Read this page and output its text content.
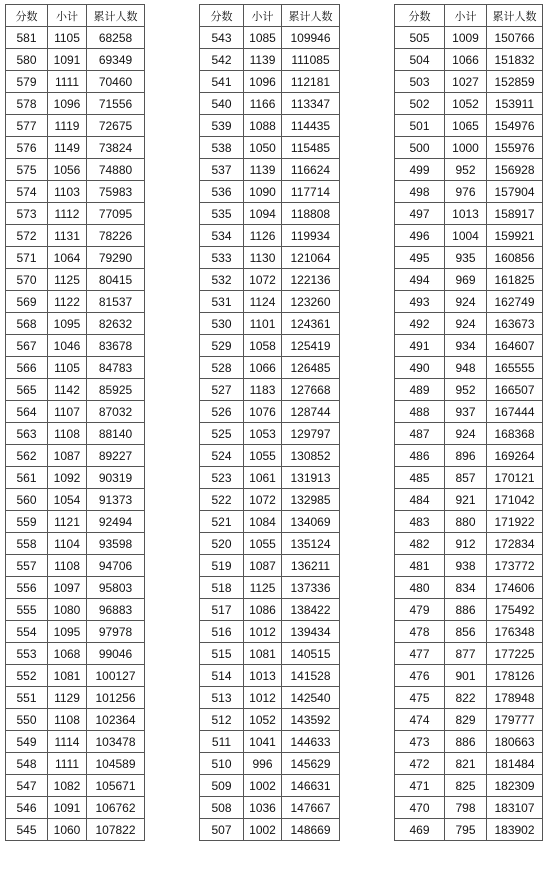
分数	小计	累计人数
581	1105	68258
580	1091	69349
579	1111	70460
578	1096	71556
577	1119	72675
576	1149	73824
575	1056	74880
574	1103	75983
573	1112	77095
572	1131	78226
571	1064	79290
570	1125	80415
569	1122	81537
568	1095	82632
567	1046	83678
566	1105	84783
565	1142	85925
564	1107	87032
563	1108	88140
562	1087	89227
561	1092	90319
560	1054	91373
559	1121	92494
558	1104	93598
557	1108	94706
556	1097	95803
555	1080	96883
554	1095	97978
553	1068	99046
552	1081	100127
551	1129	101256
550	1108	102364
549	1114	103478
548	1111	104589
547	1082	105671
546	1091	106762
545	1060	107822
分数	小计	累计人数
543	1085	109946
542	1139	111085
541	1096	112181
540	1166	113347
539	1088	114435
538	1050	115485
537	1139	116624
536	1090	117714
535	1094	118808
534	1126	119934
533	1130	121064
532	1072	122136
531	1124	123260
530	1101	124361
529	1058	125419
528	1066	126485
527	1183	127668
526	1076	128744
525	1053	129797
524	1055	130852
523	1061	131913
522	1072	132985
521	1084	134069
520	1055	135124
519	1087	136211
518	1125	137336
517	1086	138422
516	1012	139434
515	1081	140515
514	1013	141528
513	1012	142540
512	1052	143592
511	1041	144633
510	996	145629
509	1002	146631
508	1036	147667
507	1002	148669
分数	小计	累计人数
505	1009	150766
504	1066	151832
503	1027	152859
502	1052	153911
501	1065	154976
500	1000	155976
499	952	156928
498	976	157904
497	1013	158917
496	1004	159921
495	935	160856
494	969	161825
493	924	162749
492	924	163673
491	934	164607
490	948	165555
489	952	166507
488	937	167444
487	924	168368
486	896	169264
485	857	170121
484	921	171042
483	880	171922
482	912	172834
481	938	173772
480	834	174606
479	886	175492
478	856	176348
477	877	177225
476	901	178126
475	822	178948
474	829	179777
473	886	180663
472	821	181484
471	825	182309
470	798	183107
469	795	183902
